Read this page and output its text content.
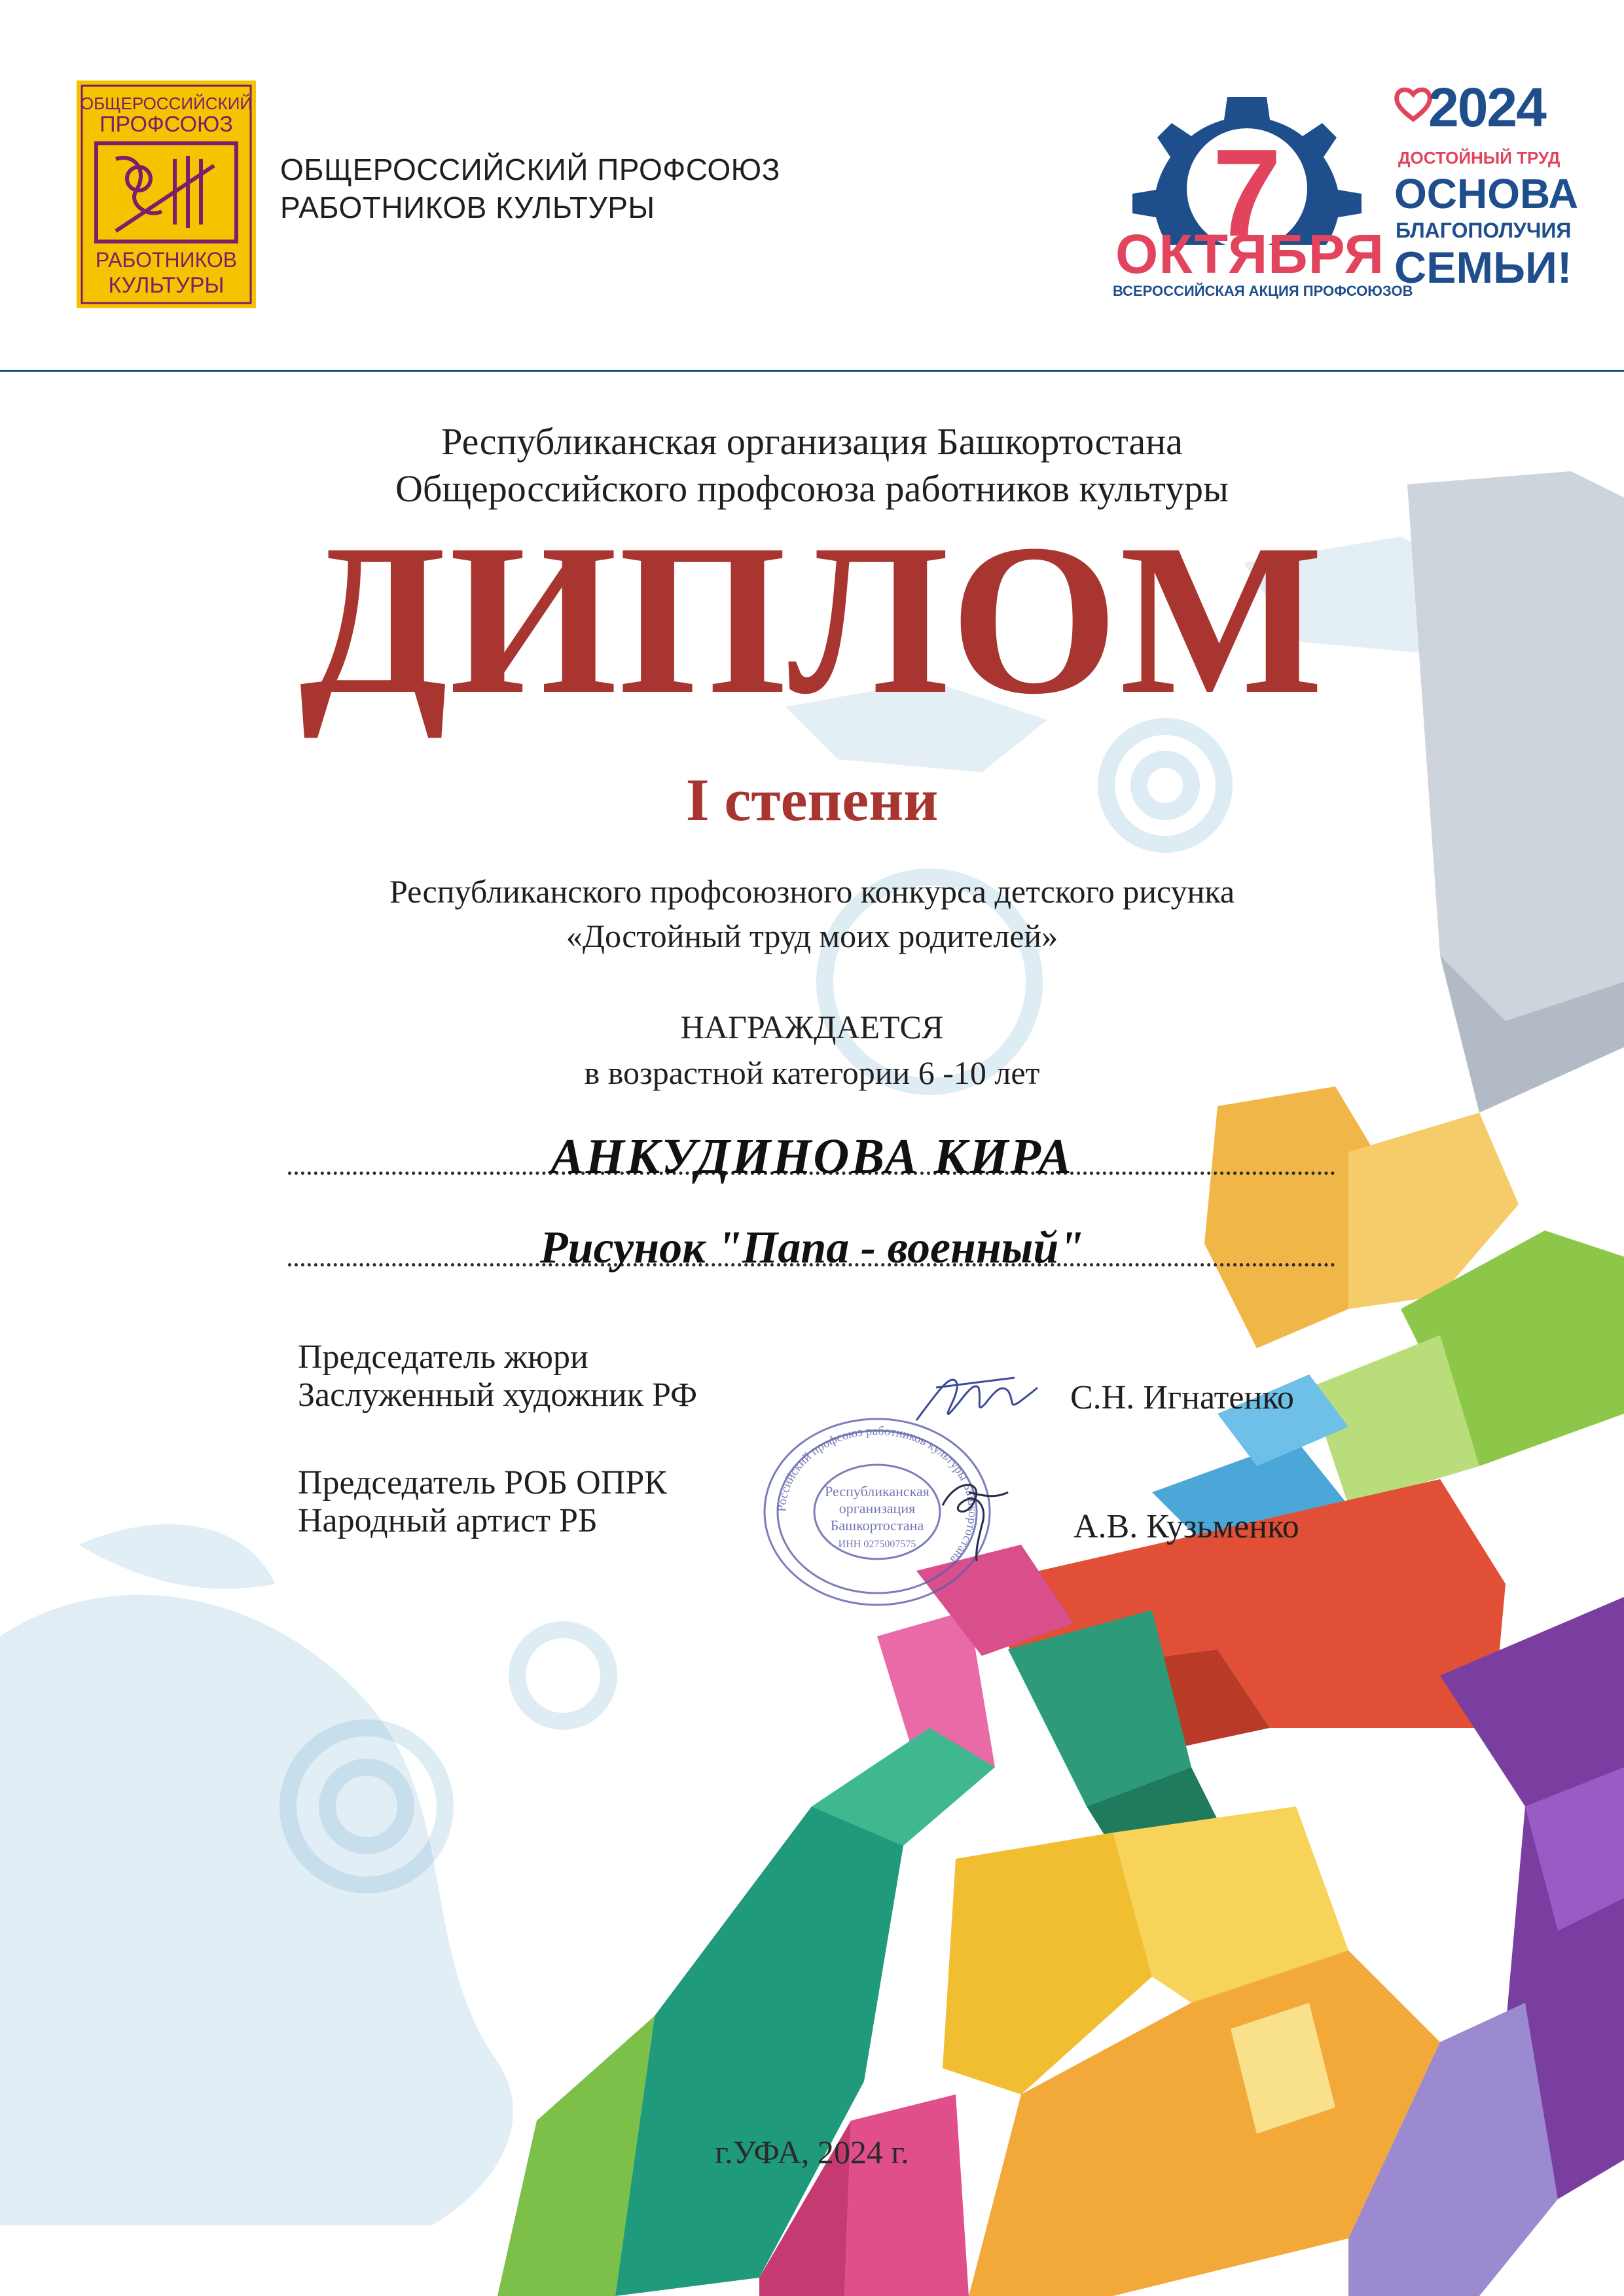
ОБЩЕРОССИЙСКИЙ
ПРОФСОЮЗ
РАБОТНИКОВ
КУЛЬТУРЫ
ОБЩЕРОССИЙСКИЙ ПРОФСОЮЗ
РАБОТНИКОВ КУЛЬТУРЫ	7
ОКТЯБРЯ
ВСЕРОССИЙСКАЯ АКЦИЯ ПРОФСОЮЗОВ
2024
ДОСТОЙНЫЙ ТРУД
ОСНОВА
БЛАГОПОЛУЧИЯ
СЕМЬИ!
Республиканская организация Башкортостана
Общероссийского профсоюза работников культуры
ДИПЛОМ
I степени
Республиканского профсоюзного конкурса детского рисунка
«Достойный труд моих родителей»
НАГРАЖДАЕТСЯ
в возрастной категории 6 -10 лет
АНКУДИНОВА КИРА
Рисунок "Папа - военный"
Председатель жюри
Заслуженный художник РФ	С.Н. Игнатенко
Председатель РОБ ОПРК
Народный артист РБ	А.В. Кузьменко
Российский профсоюз работников культуры Башкортостана
Республиканская
организация
Башкортостана
ИНН 0275007575
г.УФА, 2024 г.
